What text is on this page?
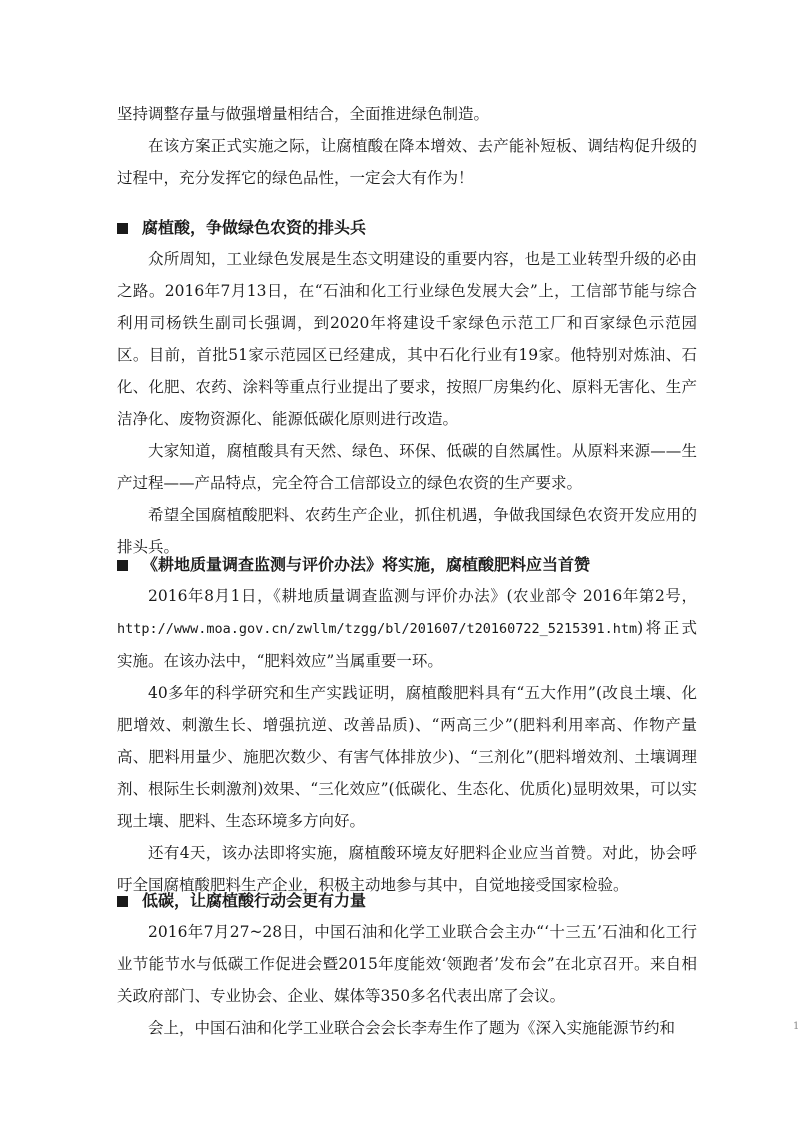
坚持调整存量与做强增量相结合，全面推进绿色制造。

在该方案正式实施之际，让腐植酸在降本增效、去产能补短板、调结构促升级的过程中，充分发挥它的绿色品性，一定会大有作为！

腐植酸，争做绿色农资的排头兵

众所周知，工业绿色发展是生态文明建设的重要内容，也是工业转型升级的必由之路。2016年7月13日，在“石油和化工行业绿色发展大会”上，工信部节能与综合利用司杨铁生副司长强调，到2020年将建设千家绿色示范工厂和百家绿色示范园区。目前，首批51家示范园区已经建成，其中石化行业有19家。他特别对炼油、石化、化肥、农药、涂料等重点行业提出了要求，按照厂房集约化、原料无害化、生产洁净化、废物资源化、能源低碳化原则进行改造。

大家知道，腐植酸具有天然、绿色、环保、低碳的自然属性。从原料来源——生产过程——产品特点，完全符合工信部设立的绿色农资的生产要求。

希望全国腐植酸肥料、农药生产企业，抓住机遇，争做我国绿色农资开发应用的排头兵。

《耕地质量调查监测与评价办法》将实施，腐植酸肥料应当首赞

2016年8月1日，《耕地质量调查监测与评价办法》(农业部令 2016年第2号，http://www.moa.gov.cn/zwllm/tzgg/bl/201607/t20160722_5215391.htm)将正式实施。在该办法中，“肥料效应”当属重要一环。

40多年的科学研究和生产实践证明，腐植酸肥料具有“五大作用”(改良土壤、化肥增效、刺激生长、增强抗逆、改善品质)、“两高三少”(肥料利用率高、作物产量高、肥料用量少、施肥次数少、有害气体排放少)、“三剂化”(肥料增效剂、土壤调理剂、根际生长刺激剂)效果、“三化效应”(低碳化、生态化、优质化)显明效果，可以实现土壤、肥料、生态环境多方向好。

还有4天，该办法即将实施，腐植酸环境友好肥料企业应当首赞。对此，协会呼吁全国腐植酸肥料生产企业，积极主动地参与其中，自觉地接受国家检验。

低碳，让腐植酸行动会更有力量

2016年7月27~28日，中国石油和化学工业联合会主办“‘十三五’石油和化工行业节能节水与低碳工作促进会暨2015年度能效‘领跑者’发布会”在北京召开。来自相关政府部门、专业协会、企业、媒体等350多名代表出席了会议。

会上，中国石油和化学工业联合会会长李寿生作了题为《深入实施能源节约和	1
